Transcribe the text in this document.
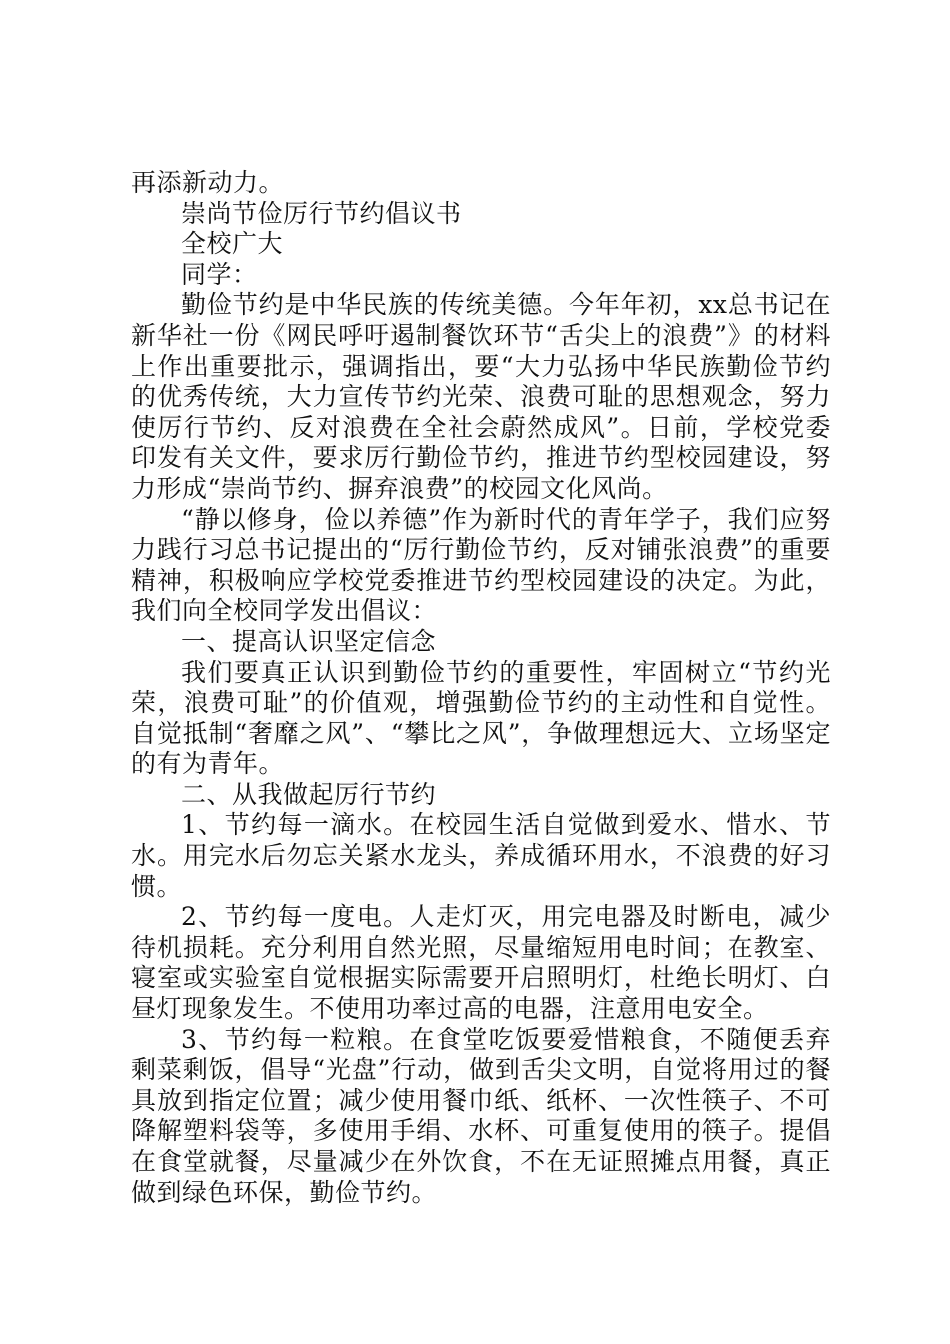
再添新动力。

崇尚节俭厉行节约倡议书

全校广大

同学：

勤俭节约是中华民族的传统美德。今年年初，xx总书记在新华社一份《网民呼吁遏制餐饮环节“舌尖上的浪费”》的材料上作出重要批示，强调指出，要“大力弘扬中华民族勤俭节约的优秀传统，大力宣传节约光荣、浪费可耻的思想观念，努力使厉行节约、反对浪费在全社会蔚然成风”。日前，学校党委印发有关文件，要求厉行勤俭节约，推进节约型校园建设，努力形成“崇尚节约、摒弃浪费”的校园文化风尚。

“静以修身，俭以养德”作为新时代的青年学子，我们应努力践行习总书记提出的“厉行勤俭节约，反对铺张浪费”的重要精神，积极响应学校党委推进节约型校园建设的决定。为此，我们向全校同学发出倡议：

一、提高认识坚定信念

我们要真正认识到勤俭节约的重要性，牢固树立“节约光荣，浪费可耻”的价值观，增强勤俭节约的主动性和自觉性。自觉抵制“奢靡之风”、“攀比之风”，争做理想远大、立场坚定的有为青年。

二、从我做起厉行节约

1、节约每一滴水。在校园生活自觉做到爱水、惜水、节水。用完水后勿忘关紧水龙头，养成循环用水，不浪费的好习惯。

2、节约每一度电。人走灯灭，用完电器及时断电，减少待机损耗。充分利用自然光照，尽量缩短用电时间；在教室、寝室或实验室自觉根据实际需要开启照明灯，杜绝长明灯、白昼灯现象发生。不使用功率过高的电器，注意用电安全。

3、节约每一粒粮。在食堂吃饭要爱惜粮食，不随便丢弃剩菜剩饭，倡导“光盘”行动，做到舌尖文明，自觉将用过的餐具放到指定位置；减少使用餐巾纸、纸杯、一次性筷子、不可降解塑料袋等，多使用手绢、水杯、可重复使用的筷子。提倡在食堂就餐，尽量减少在外饮食，不在无证照摊点用餐，真正做到绿色环保，勤俭节约。
